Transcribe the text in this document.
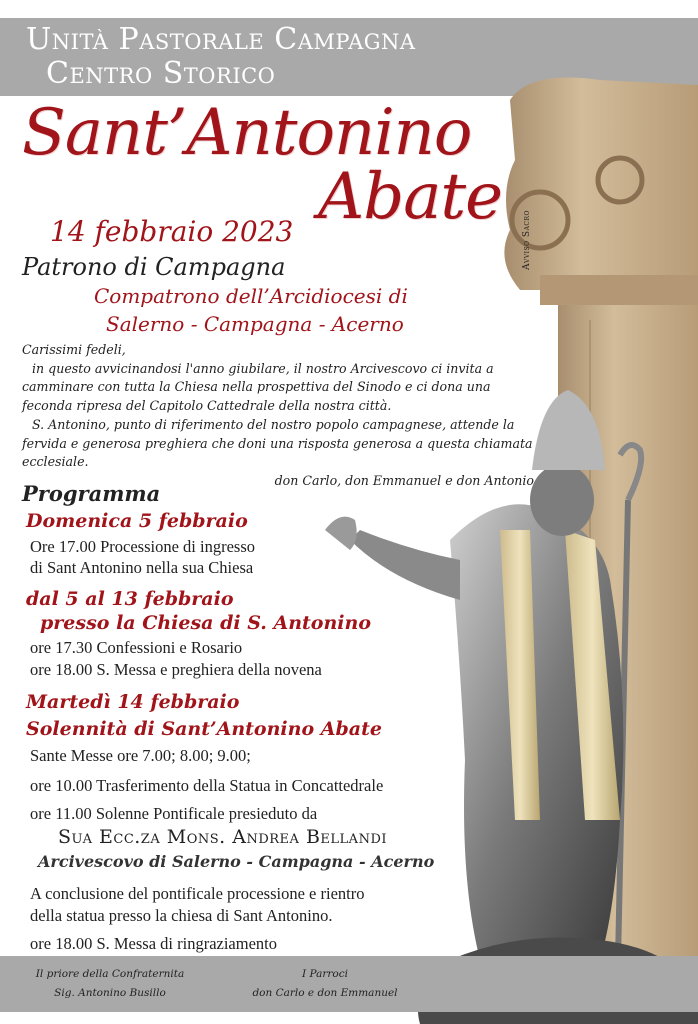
Unità Pastorale Campagna
Centro Storico
Sant’Antonino
Abate
14 febbraio 2023
Patrono di Campagna
Compatrono dell’Arcidiocesi di
Salerno - Campagna - Acerno
Avviso Sacro

Carissimi fedeli,

in questo avvicinandosi l'anno giubilare, il nostro Arcivescovo ci invita a camminare con tutta la Chiesa nella prospettiva del Sinodo e ci dona una feconda ripresa del Capitolo Cattedrale della nostra città.

S. Antonino, punto di riferimento del nostro popolo campagnese, attende la fervida e generosa preghiera che doni una risposta generosa a questa chiamata ecclesiale.

don Carlo, don Emmanuel e don Antonio

Programma
Domenica 5 febbraio
Ore 17.00 Processione di ingresso
di Sant Antonino nella sua Chiesa
dal 5 al 13 febbraio
presso la Chiesa di S. Antonino
ore 17.30 Confessioni e Rosario
ore 18.00 S. Messa e preghiera della novena
Martedì 14 febbraio
Solennità di Sant’Antonino Abate
Sante Messe ore 7.00; 8.00; 9.00;
ore 10.00 Trasferimento della Statua in Concattedrale
ore 11.00 Solenne Pontificale presieduto da
Sua Ecc.za Mons. Andrea Bellandi
Arcivescovo di Salerno - Campagna - Acerno
A conclusione del pontificale processione e rientro
della statua presso la chiesa di Sant Antonino.
ore 18.00 S. Messa di ringraziamento
Il priore della Confraternita
Sig. Antonino Busillo
I Parroci
don Carlo e don Emmanuel
